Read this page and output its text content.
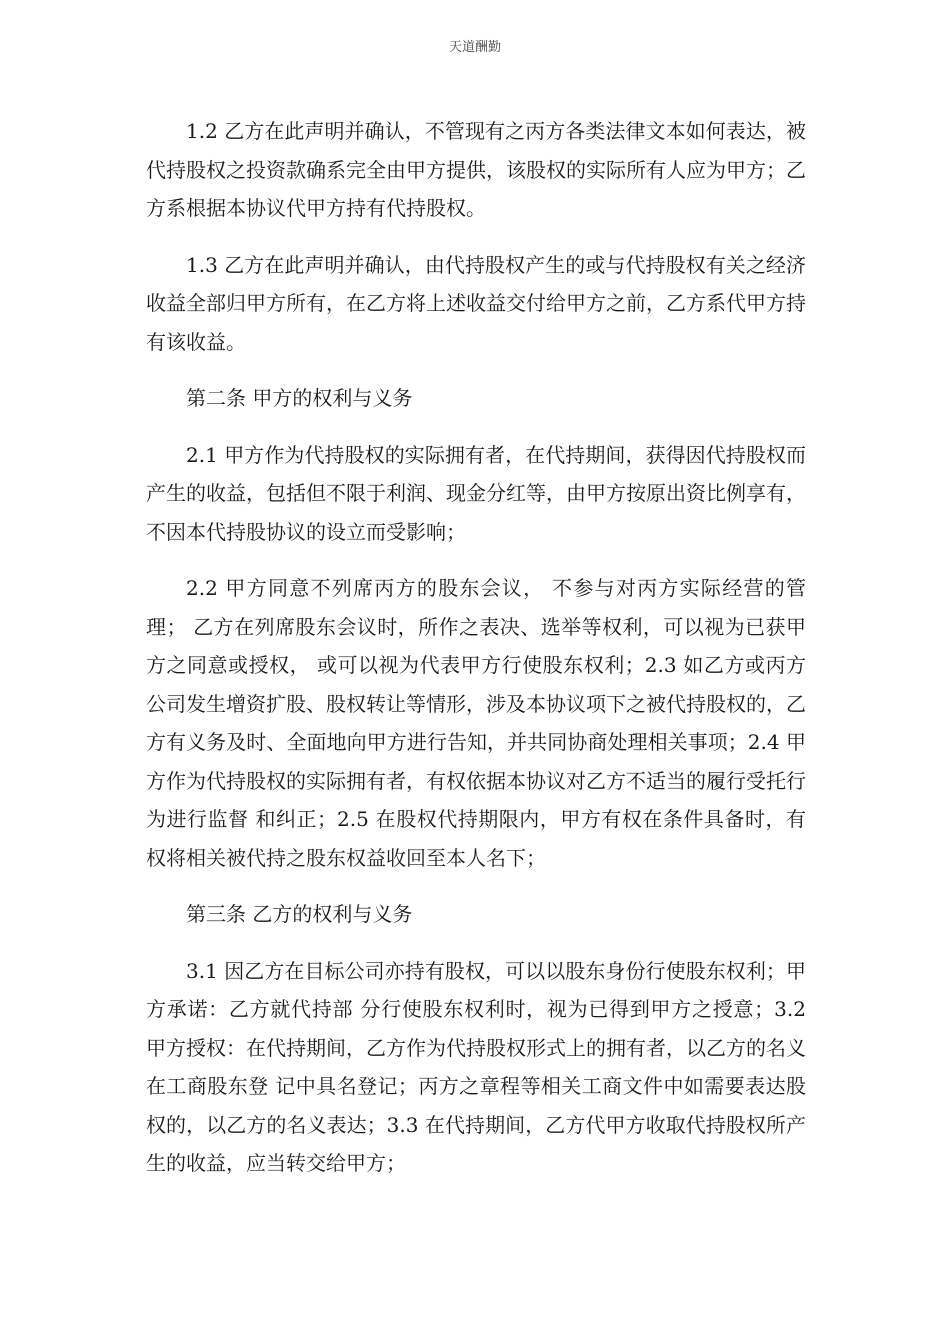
天道酬勤

1.2 乙方在此声明并确认，不管现有之丙方各类法律文本如何表达，被代持股权之投资款确系完全由甲方提供，该股权的实际所有人应为甲方；乙方系根据本协议代甲方持有代持股权。

1.3 乙方在此声明并确认，由代持股权产生的或与代持股权有关之经济收益全部归甲方所有，在乙方将上述收益交付给甲方之前，乙方系代甲方持有该收益。

第二条 甲方的权利与义务

2.1 甲方作为代持股权的实际拥有者，在代持期间，获得因代持股权而产生的收益，包括但不限于利润、现金分红等，由甲方按原出资比例享有，不因本代持股协议的设立而受影响；

2.2 甲方同意不列席丙方的股东会议， 不参与对丙方实际经营的管理； 乙方在列席股东会议时，所作之表决、选举等权利，可以视为已获甲方之同意或授权， 或可以视为代表甲方行使股东权利；2.3 如乙方或丙方公司发生增资扩股、股权转让等情形，涉及本协议项下之被代持股权的，乙 方有义务及时、全面地向甲方进行告知，并共同协商处理相关事项；2.4 甲方作为代持股权的实际拥有者，有权依据本协议对乙方不适当的履行受托行为进行监督 和纠正；2.5 在股权代持期限内，甲方有权在条件具备时，有权将相关被代持之股东权益收回至本人名下；

第三条 乙方的权利与义务

3.1 因乙方在目标公司亦持有股权，可以以股东身份行使股东权利；甲方承诺：乙方就代持部 分行使股东权利时，视为已得到甲方之授意；3.2 甲方授权：在代持期间，乙方作为代持股权形式上的拥有者，以乙方的名义在工商股东登 记中具名登记；丙方之章程等相关工商文件中如需要表达股权的，以乙方的名义表达；3.3 在代持期间，乙方代甲方收取代持股权所产生的收益，应当转交给甲方；
